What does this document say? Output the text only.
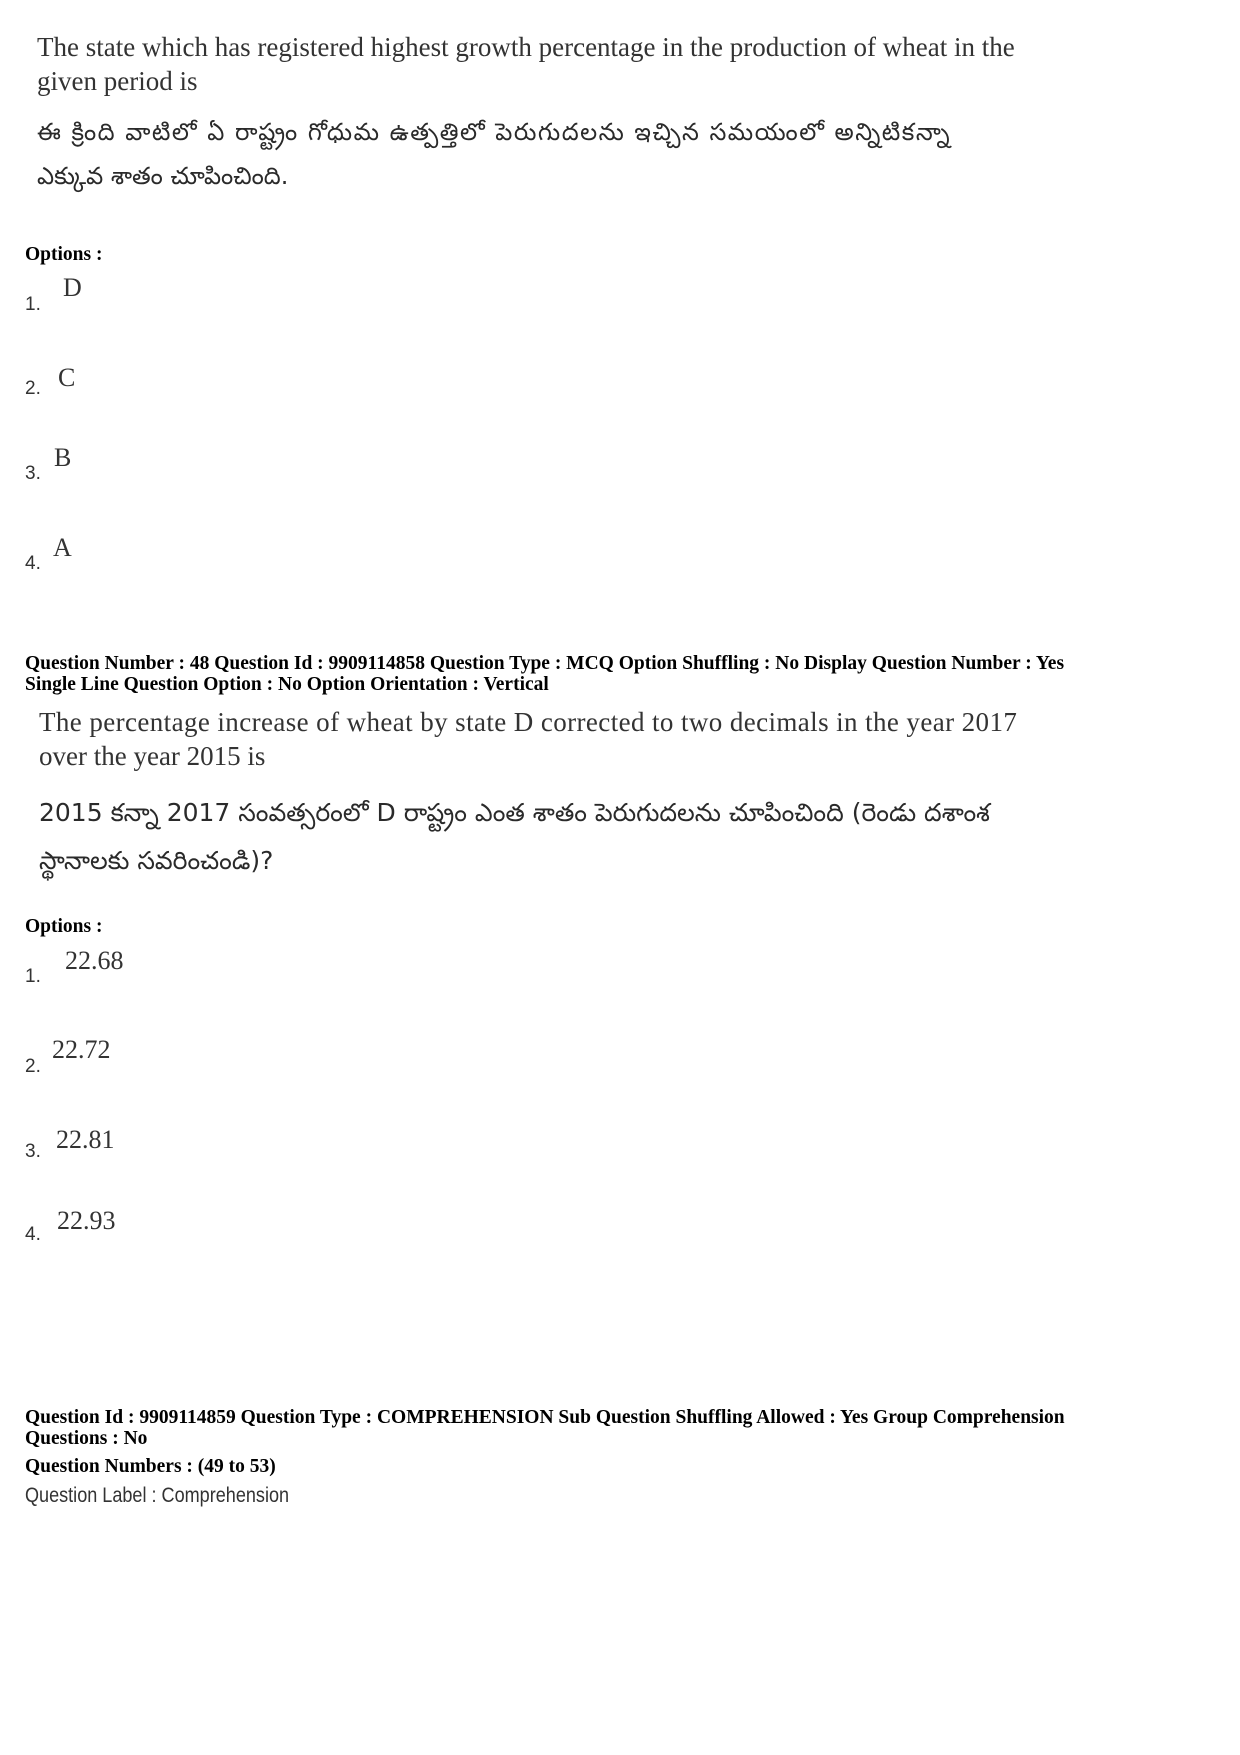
The state which has registered highest growth percentage in the production of wheat in the
given period is
ఈ క్రింది వాటిలో ఏ రాష్ట్రం గోధుమ ఉత్పత్తిలో పెరుగుదలను ఇచ్చిన సమయంలో అన్నిటికన్నా
ఎక్కువ శాతం చూపించింది.
Options :
1.
D
2. C
3.
B
4.
A
Question Number : 48 Question Id : 9909114858 Question Type : MCQ Option Shuffling : No Display Question Number : Yes
Single Line Question Option : No Option Orientation : Vertical
The percentage increase of wheat by state D corrected to two decimals in the year 2017
over the year 2015 is
2015 కన్నా 2017 సంవత్సరంలో D రాష్ట్రం ఎంత శాతం పెరుగుదలను చూపించింది (రెండు దశాంశ
స్థానాలకు సవరించండి)?
Options :
1.
22.68
2.
22.72
3. 22.81
4. 22.93
Question Id : 9909114859 Question Type : COMPREHENSION Sub Question Shuffling Allowed : Yes Group Comprehension
Questions : No
Question Numbers : (49 to 53)
Question Label : Comprehension
